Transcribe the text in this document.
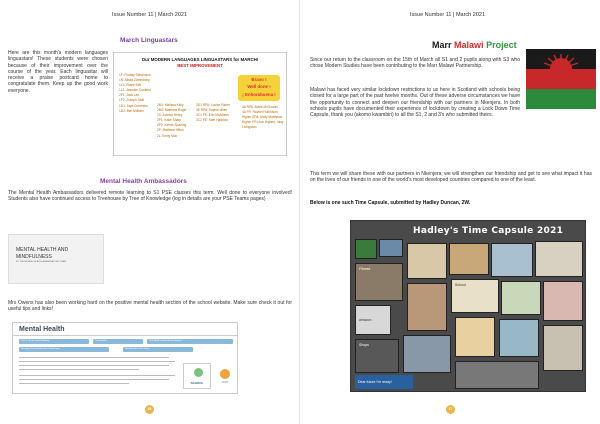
Issue Number 11 | March 2021
March Linguastars
Here are this month's modern languages linguastars! These students were chosen because of their improvement over the course of the year. Each linguastar will receive a praise postcard home to congratulate them. Keep up the good work everyone.
Our MODERN LANGUAGES LINGUASTARS for MARCH!
BEST IMPROVEMENT
1F: Findlay Stevenson
1N: Aliska Zamedniny
1L1: Grace Kirk
1L2: Jasmine Caufield
2P1: Jack Lee
1P2: Joseph Stott
1D1: Jaya Cummins
1D2: Ben McBain
2M1: Melissa Kelly
2M2: Matthew Roger
2S: Joshua Heary
2P1: Katie Sharp
2P2: Kieran Sparling
2P: Matthew Hilton
2L: Emily Muir
3D1 RPA: Louise Fisher
3E RPA: Sophie Miller
3C1 PE: Erin McAllister
3C2 PE: Sam Haddow
4A RPA: Abbie McGowan
4A FR: Rachel Hutchison
Higher SPA: Molly Matthews
Higher FR (Adv Higher): Islay Livingston
Bravo !
Well done !
¡ Enhorabuena !
Mental Health Ambassadors
The Mental Health Ambassadors delivered remote learning to S1 PSE classes this term. Well done to everyone involved! Students also have continued access to Treehouse by Tree of Knowledge (log in details are your PSE Teams pages)
MENTAL HEALTH AND
MINDFULNESS
BY THE MENTAL HEALTH AMBASSADORS TEAM
Mrs Owens has also been working hard on the positive mental health section of the school website. Make sure check it out for useful tips and links!
Mental Health
Click & Tips for Good Wellbeing	Young Minds	ORS Health and the Anxiety Support
Managing Mental Health with Young People	Mental Health in the Gallery
SCHOOL	CHAT
16
Issue Number 11 | March 2021
Marr Malawi Project
Since our return to the classroom on the 15th of March all S1 and 2 pupils along with S3 who chose Modern Studies have been contributing to the Marr Malawi Partnership.
Malawi has faced very similar lockdown restrictions to us here in Scotland with schools being closed for a large part of the past twelve months. Out of these adverse circumstances we have the opportunity to connect and deepen our friendship with our partners in Nkenjera. In both schools pupils have documented their experience of lockdown by creating a Lock Down Time Capsule, thank you (akomo kwambiri) to all the S1, 2 and 3's who submitted theirs.
This term we will share these with our partners in Nkenjera; we will strengthen our friendship and get to see what impact it has on the lives of our friends in one of the world's most developed countries compared to one of the least.
Below is one such Time Capsule, submitted by Hadley Duncan, 2W.
Hadley's Time Capsule 2021
Fitness
School
amazon
Shops
Dear future I'm ready!
17
